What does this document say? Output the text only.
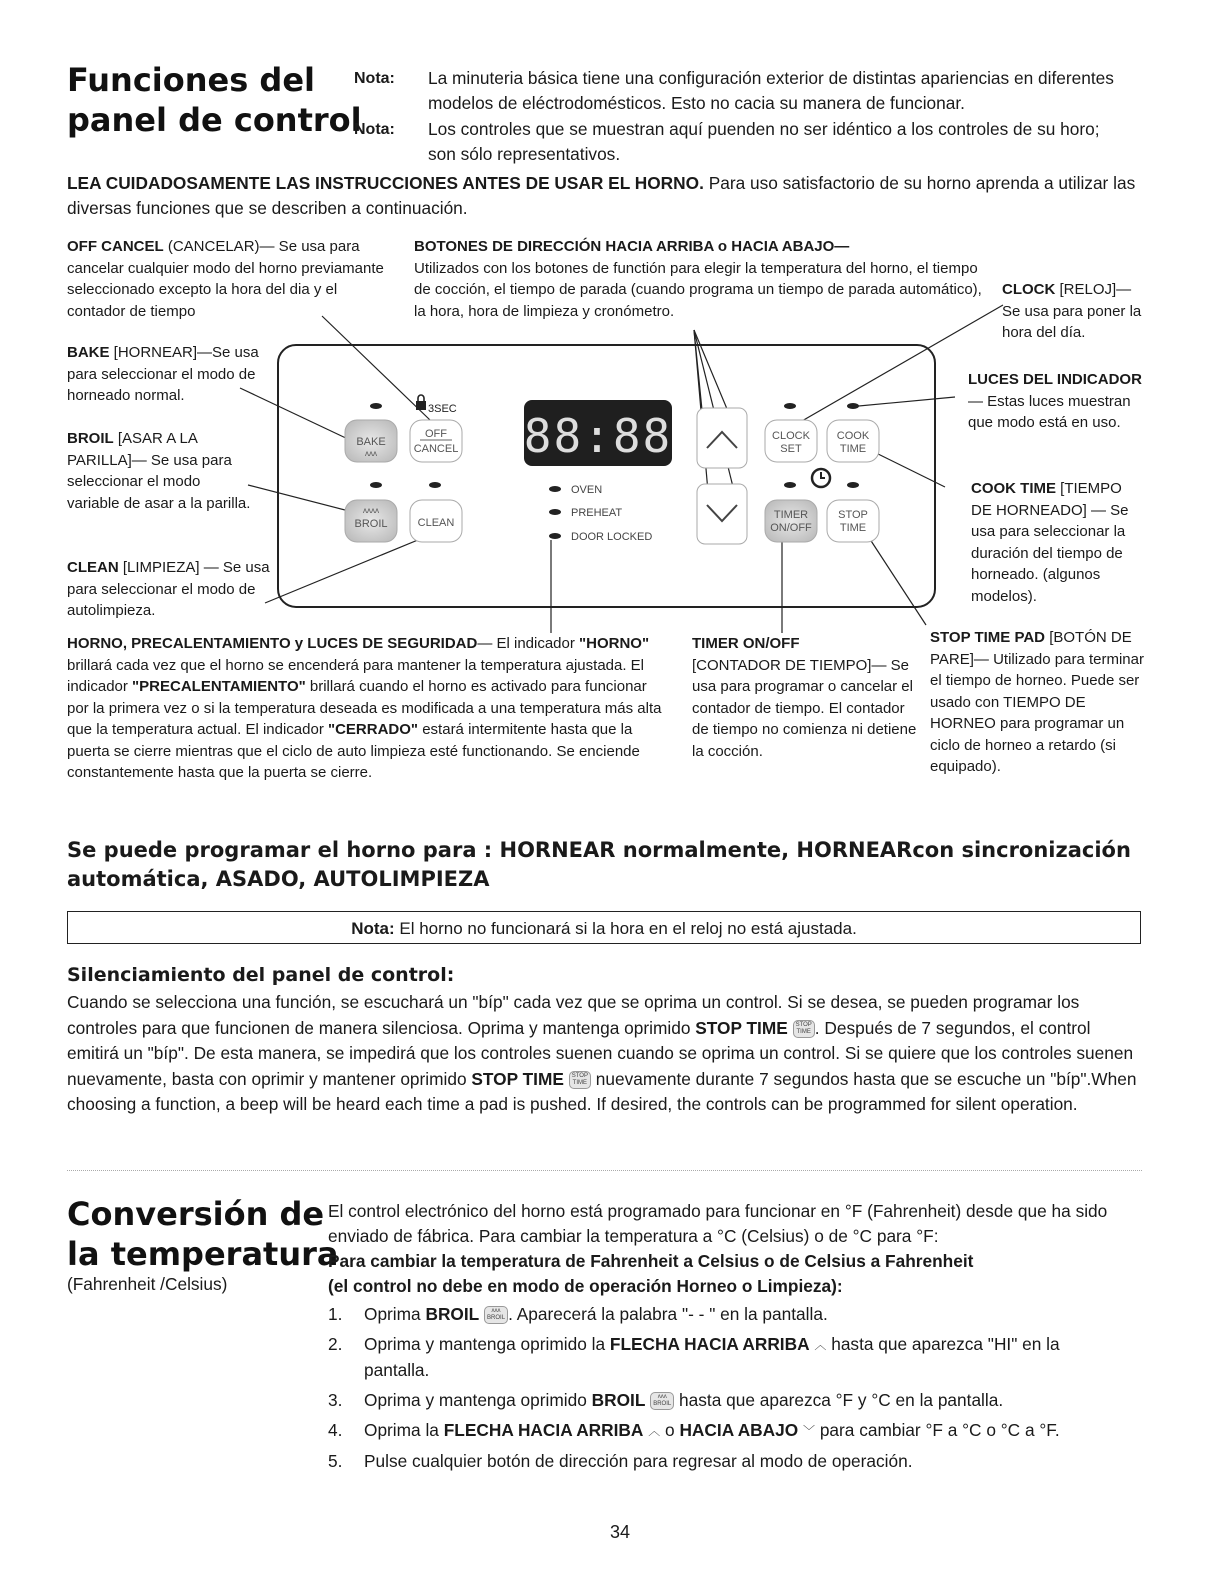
Funciones del
panel de control
Nota: La minuteria básica tiene una configuración exterior de distintas apariencias en diferentes modelos de eléctrodomésticos. Esto no cacia su manera de funcionar.
Nota: Los controles que se muestran aquí puenden no ser idéntico a los controles de su horo; son sólo representativos.
LEA CUIDADOSAMENTE LAS INSTRUCCIONES ANTES DE USAR EL HORNO. Para uso satisfactorio de su horno aprenda a utilizar las diversas funciones que se describen a continuación.
OFF CANCEL (CANCELAR)— Se usa para cancelar cualquier modo del horno previamante seleccionado excepto la hora del dia y el contador de tiempo
BOTONES DE DIRECCIÓN HACIA ARRIBA o HACIA ABAJO—
Utilizados con los botones de functión para elegir la temperatura del horno, el tiempo de cocción, el tiempo de parada (cuando programa un tiempo de parada automático), la hora, hora de limpieza y cronómetro.
CLOCK [RELOJ]— Se usa para poner la hora del día.
BAKE [HORNEAR]—Se usa para seleccionar el modo de horneado normal.
LUCES DEL INDICADOR— Estas luces muestran que modo está en uso.
BROIL [ASAR A LA PARILLA]— Se usa para seleccionar el modo variable de asar a la parilla.
COOK TIME [TIEMPO DE HORNEADO] — Se usa para seleccionar la duración del tiempo de horneado. (algunos modelos).
CLEAN [LIMPIEZA] — Se usa para seleccionar el modo de autolimpieza.
HORNO, PRECALENTAMIENTO y LUCES DE SEGURIDAD— El indicador "HORNO" brillará cada vez que el horno se encenderá para mantener la temperatura ajustada. El indicador "PRECALENTAMIENTO" brillará cuando el horno es activado para funcionar por la primera vez o si la temperatura deseada es modificada a una temperatura más alta que la temperatura actual. El indicador "CERRADO" estará intermitente hasta que la puerta se cierre mientras que el ciclo de auto limpieza esté functionando. Se enciende constantemente hasta que la puerta se cierre.
TIMER ON/OFF
[CONTADOR DE TIEMPO]— Se usa para programar o cancelar el contador de tiempo. El contador de tiempo no comienza ni detiene la cocción.
STOP TIME PAD [BOTÓN DE PARE]— Utilizado para terminar el tiempo de horneo. Puede ser usado con TIEMPO DE HORNEO para programar un ciclo de horneo a retardo (si equipado).
3SEC
BAKE
ʌʌʌ
OFF
CANCEL
ʌʌʌʌ
BROIL	CLEAN
88:88
OVEN
PREHEAT
DOOR LOCKED
CLOCK
SET
COOK
TIME
TIMER
ON/OFF
STOP
TIME
Se puede programar el horno para : HORNEAR normalmente, HORNEARcon sincronización automática, ASADO, AUTOLIMPIEZA
Nota: El horno no funcionará si la hora en el reloj no está ajustada.
Silenciamiento del panel de control:
Cuando se selecciona una función, se escuchará un "bíp" cada vez que se oprima un control. Si se desea, se pueden programar los controles para que funcionen de manera silenciosa. Oprima y mantenga oprimido STOP TIME STOP
TIME . Después de 7 segundos, el control emitirá un "bíp". De esta manera, se impedirá que los controles suenen cuando se oprima un control. Si se quiere que los controles suenen nuevamente, basta con oprimir y mantener oprimido STOP TIME STOP
TIME nuevamente durante 7 segundos hasta que se escuche un "bíp".When choosing a function, a beep will be heard each time a pad is pushed. If desired, the controls can be programmed for silent operation.
Conversión de
la temperatura
(Fahrenheit /Celsius)
El control electrónico del horno está programado para funcionar en °F (Fahrenheit) desde que ha sido enviado de fábrica. Para cambiar la temperatura a °C (Celsius) o de °C para °F:
Para cambiar la temperatura de Fahrenheit a Celsius o de Celsius a Fahrenheit
(el control no debe en modo de operación Horneo o Limpieza):
1. Oprima BROIL ʌʌʌ
BROIL . Aparecerá la palabra "- - " en la pantalla.
2. Oprima y mantenga oprimido la FLECHA HACIA ARRIBA ︿ hasta que aparezca "HI" en la pantalla.
3. Oprima y mantenga oprimido BROIL ʌʌʌ
BROIL hasta que aparezca °F y °C en la pantalla.
4. Oprima la FLECHA HACIA ARRIBA ︿ o HACIA ABAJO ﹀ para cambiar °F a °C o °C a °F.
5. Pulse cualquier botón de dirección para regresar al modo de operación.
34
